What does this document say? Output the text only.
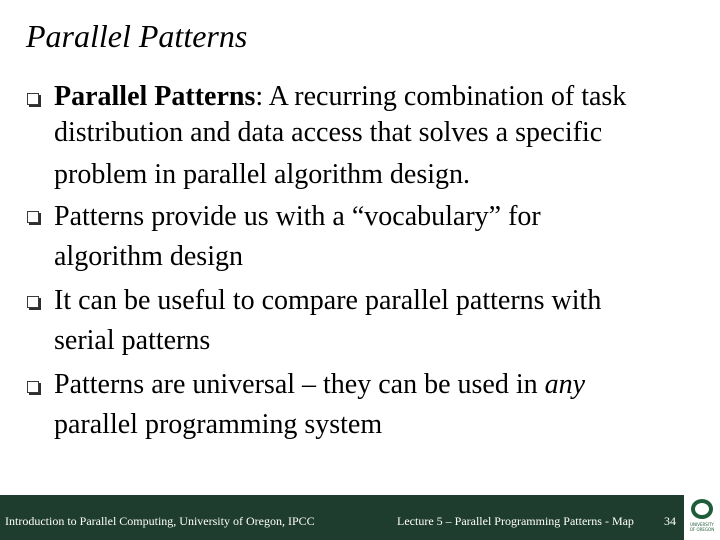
Parallel Patterns
Parallel Patterns: A recurring combination of task
distribution and data access that solves a specific
problem in parallel algorithm design.
Patterns provide us with a “vocabulary” for
algorithm design
It can be useful to compare parallel patterns with
serial patterns
Patterns are universal – they can be used in any
parallel programming system
Introduction to Parallel Computing, University of Oregon, IPCC	Lecture 5 – Parallel Programming Patterns - Map	34	UNIVERSITY OF OREGON
